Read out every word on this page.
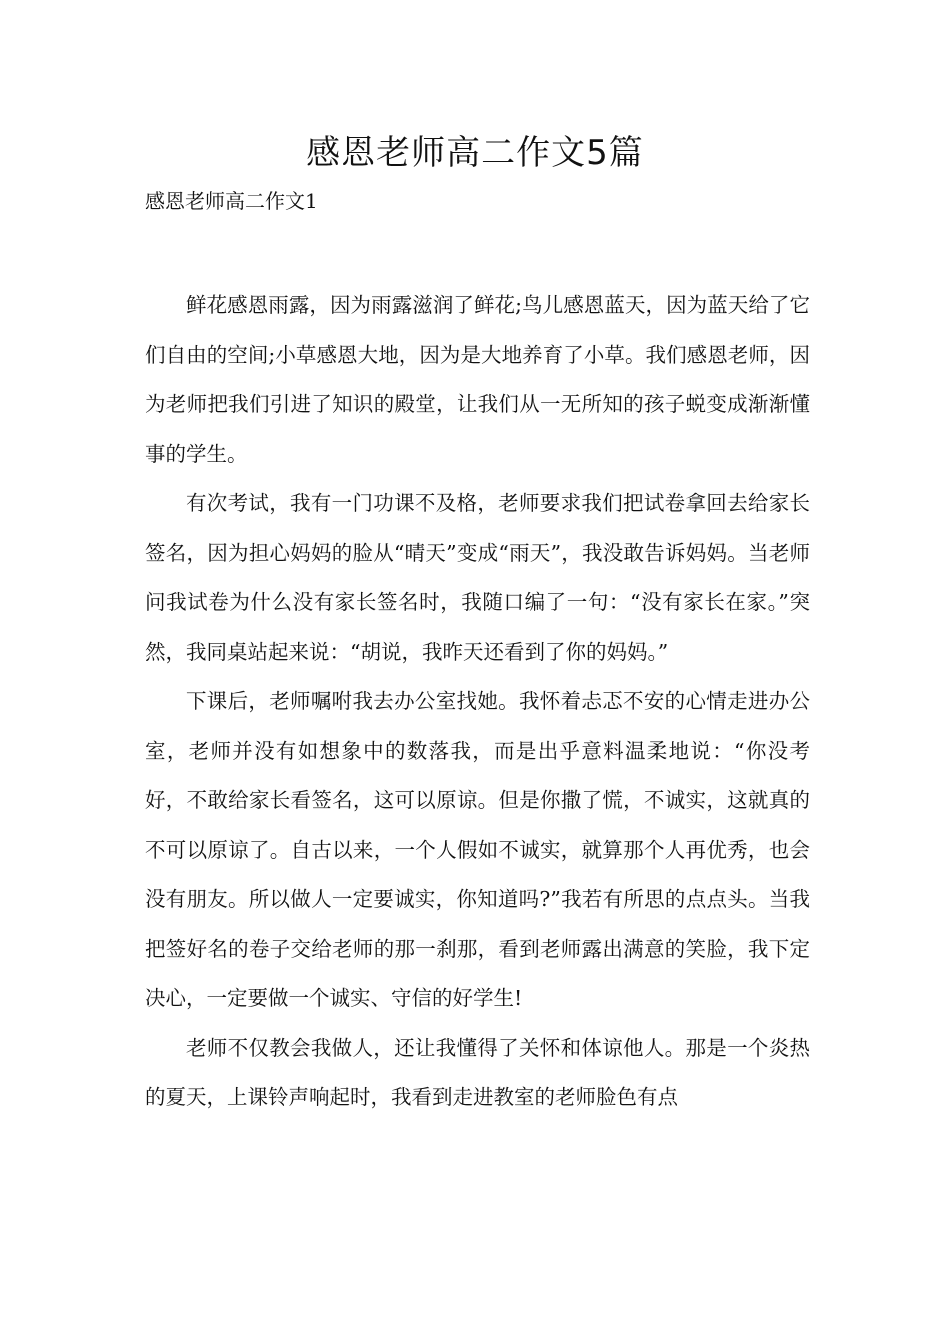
感恩老师高二作文5篇
感恩老师高二作文1

鲜花感恩雨露，因为雨露滋润了鲜花;鸟儿感恩蓝天，因为蓝天给了它们自由的空间;小草感恩大地，因为是大地养育了小草。我们感恩老师，因为老师把我们引进了知识的殿堂，让我们从一无所知的孩子蜕变成渐渐懂事的学生。

有次考试，我有一门功课不及格，老师要求我们把试卷拿回去给家长签名，因为担心妈妈的脸从“晴天”变成“雨天”，我没敢告诉妈妈。当老师问我试卷为什么没有家长签名时，我随口编了一句：“没有家长在家。”突然，我同桌站起来说：“胡说，我昨天还看到了你的妈妈。”

下课后，老师嘱咐我去办公室找她。我怀着忐忑不安的心情走进办公室，老师并没有如想象中的数落我，而是出乎意料温柔地说：“你没考好，不敢给家长看签名，这可以原谅。但是你撒了慌，不诚实，这就真的不可以原谅了。自古以来，一个人假如不诚实，就算那个人再优秀，也会没有朋友。所以做人一定要诚实，你知道吗?”我若有所思的点点头。当我把签好名的卷子交给老师的那一刹那，看到老师露出满意的笑脸，我下定决心，一定要做一个诚实、守信的好学生!

老师不仅教会我做人，还让我懂得了关怀和体谅他人。那是一个炎热的夏天，上课铃声响起时，我看到走进教室的老师脸色有点
